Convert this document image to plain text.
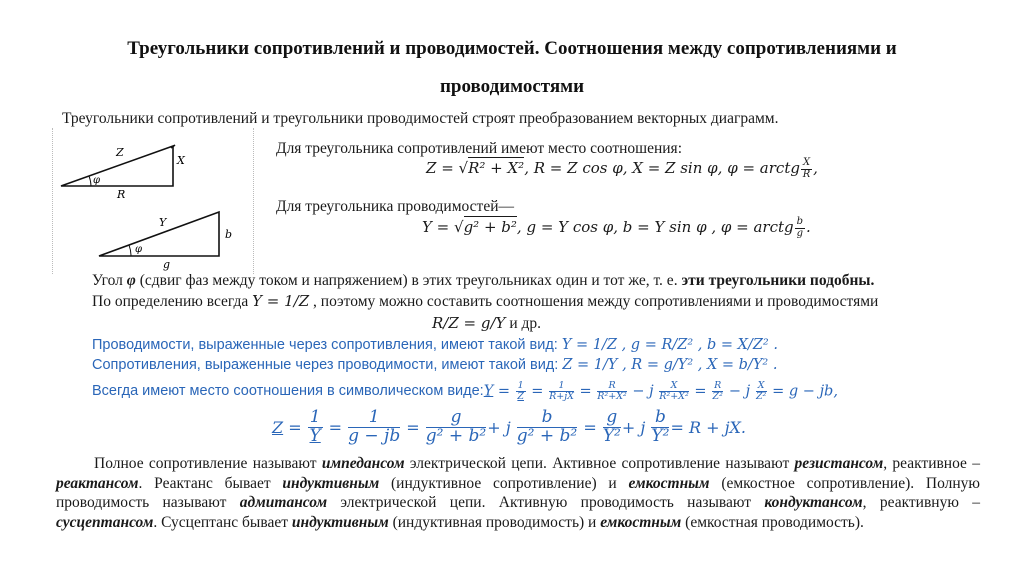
Треугольники сопротивлений и проводимостей. Соотношения между сопротивлениями и
проводимостями
Треугольники сопротивлений и треугольники проводимостей строят преобразованием векторных диаграмм.
Z
X
R
φ
Y
b
g
φ
Для треугольника сопротивлений имеют место соотношения:
Z = √R² + X², R = Z cos φ, X = Z sin φ, φ = arctg $\frac{X}{R}$ ,
Для треугольника проводимостей—
Y = √g² + b², g = Y cos φ, b = Y sin φ , φ = arctg $\frac{b}{g}$ .
Угол φ (сдвиг фаз между током и напряжением) в этих треугольниках один и тот же, т. е. эти треугольники подобны.
По определению всегда Y = 1/Z , поэтому можно составить соотношения между сопротивлениями и проводимостями
R/Z = g/Y и др.
Проводимости, выраженные через сопротивления, имеют такой вид: Y = 1/Z , g = R/Z² , b = X/Z² .
Сопротивления, выраженные через проводимости, имеют такой вид: Z = 1/Y , R = g/Y² , X = b/Y² .
Всегда имеют место соотношения в символическом виде: $Y = \frac{1}{Z} = \frac{1}{R+jX} = \frac{R}{\text{R²+X²}} - j \frac{X}{\text{R²+X²}} = \frac{R}{\text{Z²}} - j \frac{X}{\text{Z²}} = g$ − jb,
$Z = \frac{1}{Y} = \frac{1}{g - jb} = \frac{g}{\text{g² + b²}} + j$
$\frac{b}{\text{g² + b²}} = \frac{g}{\text{Y²}} + j$
$\frac{b}{\text{Y²}} = R$ + jX.
Полное сопротивление называют импедансом электрической цепи. Активное сопротивление называют резистансом, реактивное – реактансом. Реактанс бывает индуктивным (индуктивное сопротивление) и емкостным (емкостное сопротивление). Полную проводимость называют адмитансом электрической цепи. Активную проводимость называют кондуктансом, реактивную – сусцептансом. Сусцептанс бывает индуктивным (индуктивная проводимость) и емкостным (емкостная проводимость).
